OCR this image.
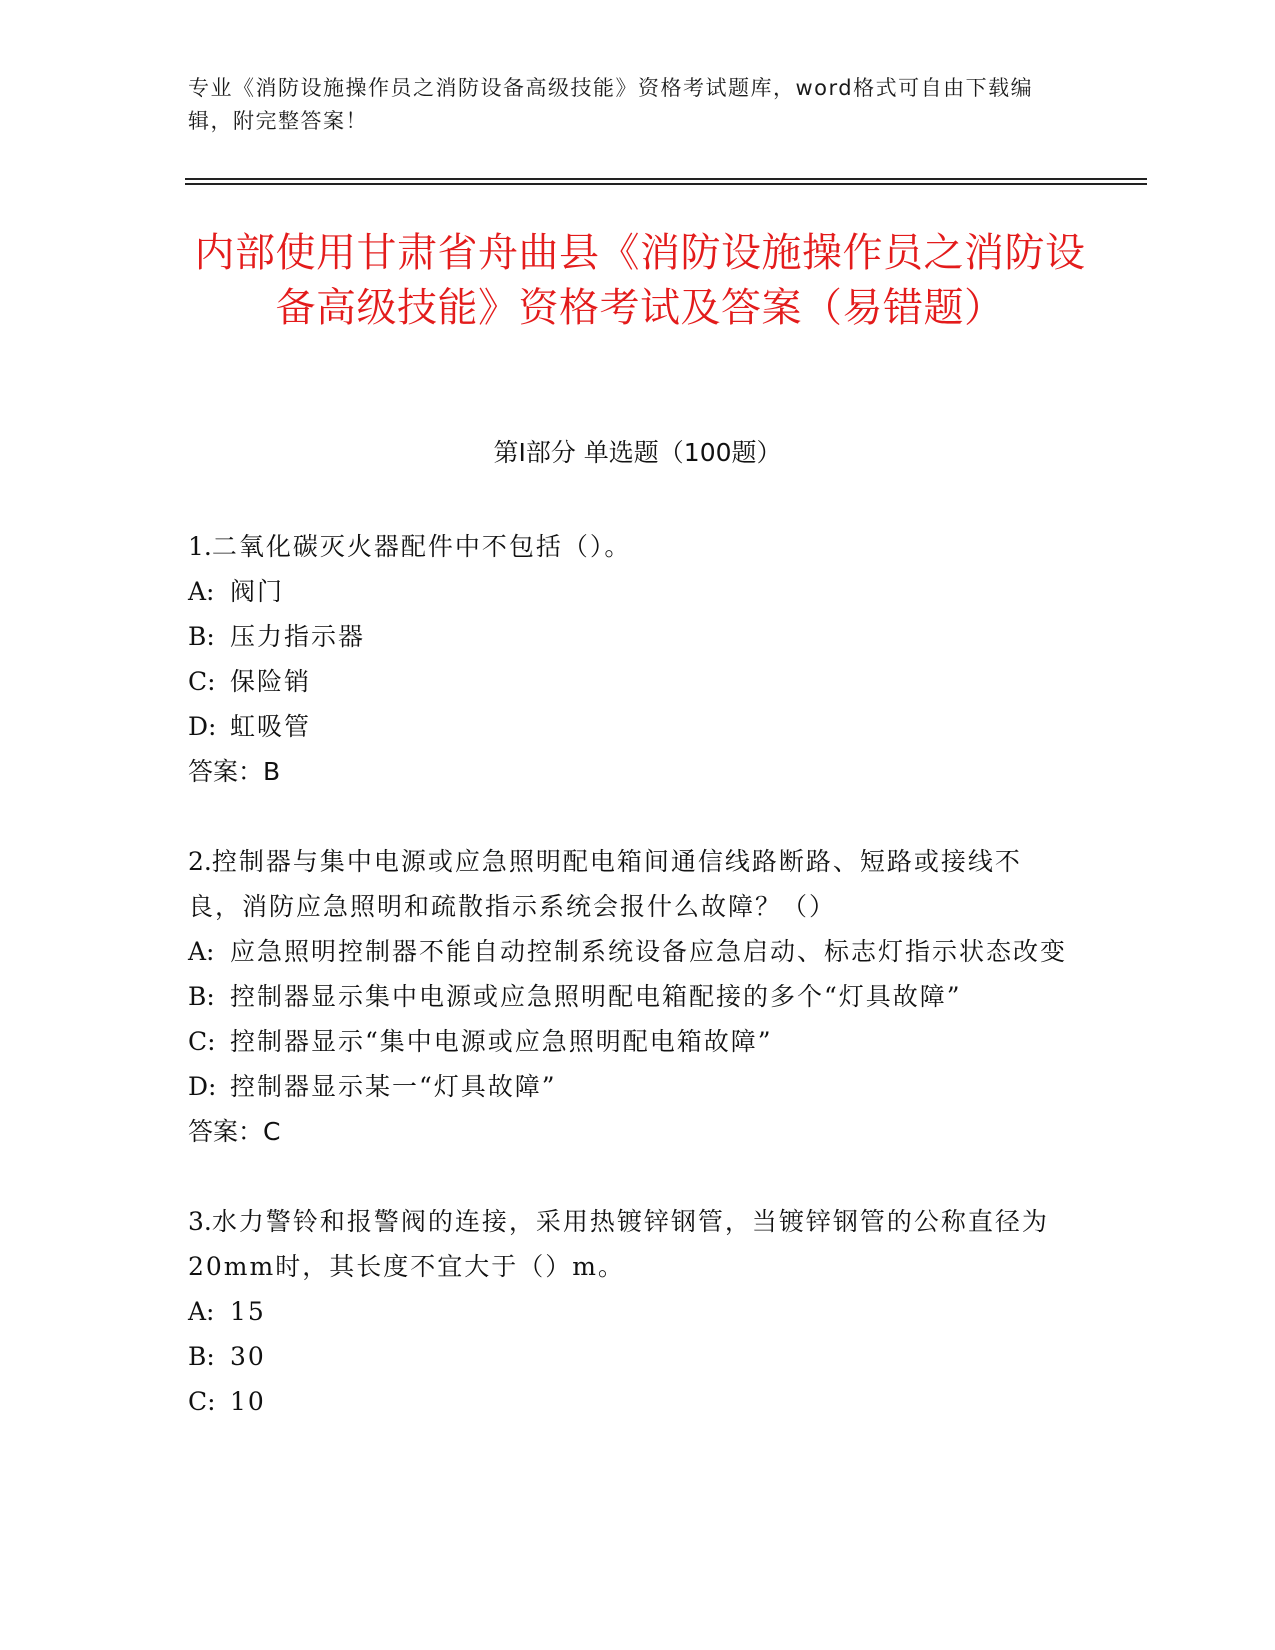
专业《消防设施操作员之消防设备高级技能》资格考试题库，word格式可自由下载编辑，附完整答案！
内部使用甘肃省舟曲县《消防设施操作员之消防设备高级技能》资格考试及答案（易错题）
第I部分 单选题（100题）
1.二氧化碳灭火器配件中不包括（）。
A: 阀门
B: 压力指示器
C: 保险销
D: 虹吸管
答案：B
2.控制器与集中电源或应急照明配电箱间通信线路断路、短路或接线不良，消防应急照明和疏散指示系统会报什么故障？（）
A: 应急照明控制器不能自动控制系统设备应急启动、标志灯指示状态改变
B: 控制器显示集中电源或应急照明配电箱配接的多个“灯具故障”
C: 控制器显示“集中电源或应急照明配电箱故障”
D: 控制器显示某一“灯具故障”
答案：C
3.水力警铃和报警阀的连接，采用热镀锌钢管，当镀锌钢管的公称直径为20mm时，其长度不宜大于（）m。
A: 15
B: 30
C: 10
